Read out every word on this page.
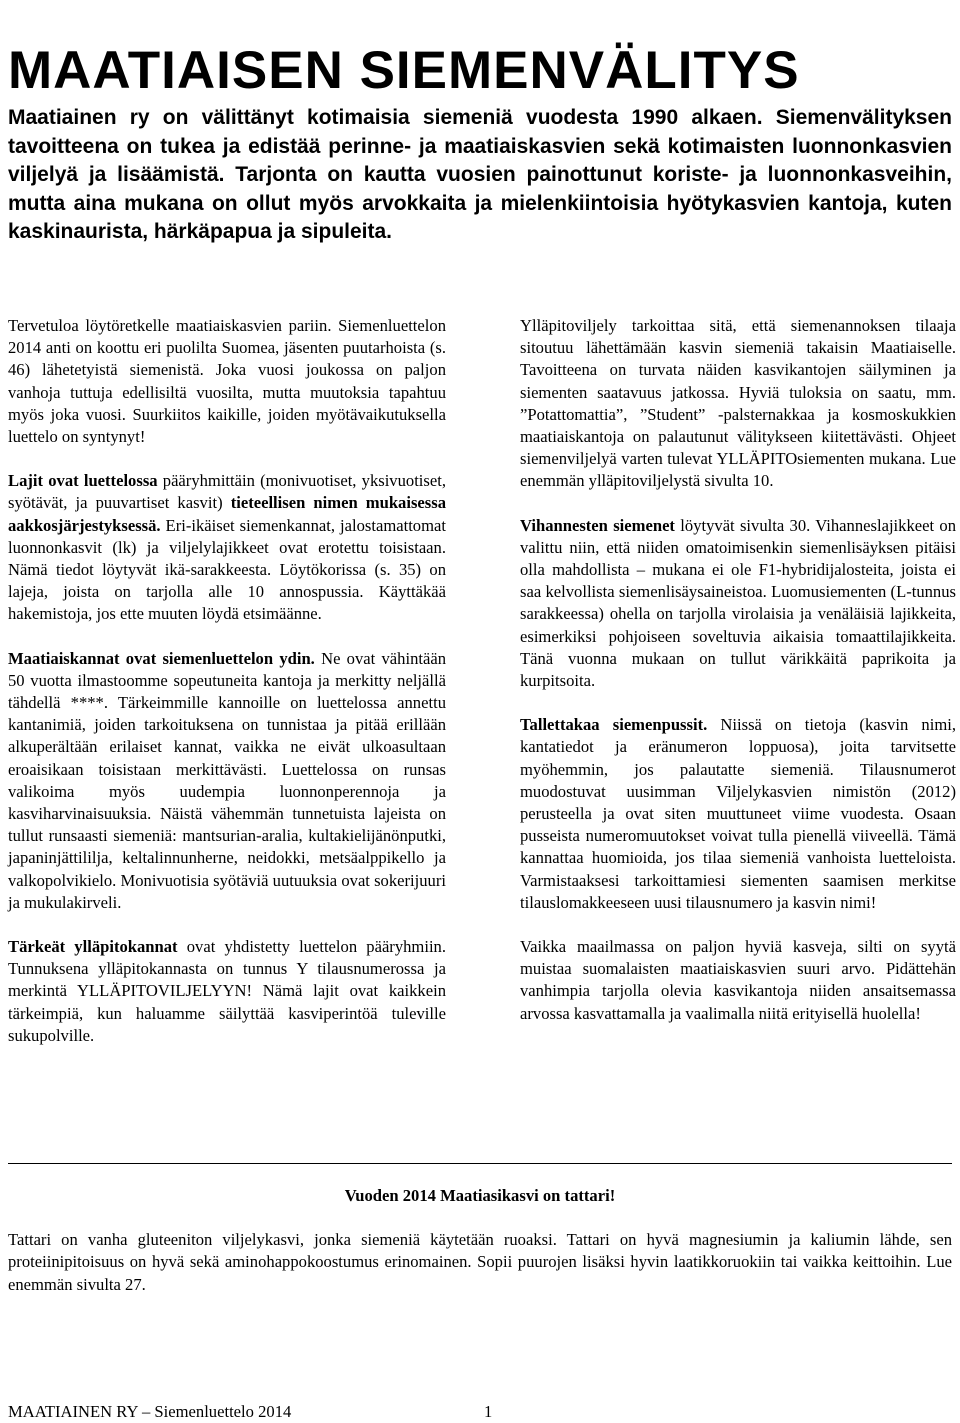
MAATIAISEN SIEMENVÄLITYS
Maatiainen ry on välittänyt kotimaisia siemeniä vuodesta 1990 alkaen. Siemenvälityksen tavoitteena on tukea ja edistää perinne- ja maatiaiskasvien sekä kotimaisten luonnonkasvien viljelyä ja lisäämistä. Tarjonta on kautta vuosien painottunut koriste- ja luonnonkasveihin, mutta aina mukana on ollut myös arvokkaita ja mielenkiintoisia hyötykasvien kantoja, kuten kaskinaurista, härkäpapua ja sipuleita.

Tervetuloa löytöretkelle maatiaiskasvien pariin. Siemenluettelon 2014 anti on koottu eri puolilta Suomea, jäsenten puutarhoista (s. 46) lähetetyistä siemenistä. Joka vuosi joukossa on paljon vanhoja tuttuja edellisiltä vuosilta, mutta muutoksia tapahtuu myös joka vuosi. Suurkiitos kaikille, joiden myötävaikutuksella luettelo on syntynyt!

Lajit ovat luettelossa pääryhmittäin (monivuotiset, yksivuotiset, syötävät, ja puuvartiset kasvit) tieteellisen nimen mukaisessa aakkosjärjestyksessä. Eri-ikäiset siemenkannat, jalostamattomat luonnonkasvit (lk) ja viljelylajikkeet ovat erotettu toisistaan. Nämä tiedot löytyvät ikä-sarakkeesta. Löytökorissa (s. 35) on lajeja, joista on tarjolla alle 10 annospussia. Käyttäkää hakemistoja, jos ette muuten löydä etsimäänne.

Maatiaiskannat ovat siemenluettelon ydin. Ne ovat vähintään 50 vuotta ilmastoomme sopeutuneita kantoja ja merkitty neljällä tähdellä ****. Tärkeimmille kannoille on luettelossa annettu kantanimiä, joiden tarkoituksena on tunnistaa ja pitää erillään alkuperältään erilaiset kannat, vaikka ne eivät ulkoasultaan eroaisikaan toisistaan merkittävästi. Luettelossa on runsas valikoima myös uudempia luonnonperennoja ja kasviharvinaisuuksia. Näistä vähemmän tunnetuista lajeista on tullut runsaasti siemeniä: mantsurian-aralia, kultakielijänönputki, japaninjättililja, keltalinnunherne, neidokki, metsäalppikello ja valkopolvikielo. Monivuotisia syötäviä uutuuksia ovat sokerijuuri ja mukulakirveli.

Tärkeät ylläpitokannat ovat yhdistetty luettelon pääryhmiin. Tunnuksena ylläpitokannasta on tunnus Y tilausnumerossa ja merkintä YLLÄPITOVILJELYYN! Nämä lajit ovat kaikkein tärkeimpiä, kun haluamme säilyttää kasviperintöä tuleville sukupolville.

Ylläpitoviljely tarkoittaa sitä, että siemenannoksen tilaaja sitoutuu lähettämään kasvin siemeniä takaisin Maatiaiselle. Tavoitteena on turvata näiden kasvikantojen säilyminen ja siementen saatavuus jatkossa. Hyviä tuloksia on saatu, mm. ”Potattomattia”, ”Student” -palsternakkaa ja kosmoskukkien maatiaiskantoja on palautunut välitykseen kiitettävästi. Ohjeet siemenviljelyä varten tulevat YLLÄPITOsiementen mukana. Lue enemmän ylläpitoviljelystä sivulta 10.

Vihannesten siemenet löytyvät sivulta 30. Vihanneslajikkeet on valittu niin, että niiden omatoimisenkin siemenlisäyksen pitäisi olla mahdollista – mukana ei ole F1-hybridijalosteita, joista ei saa kelvollista siemenlisäysaineistoa. Luomusiementen (L-tunnus sarakkeessa) ohella on tarjolla virolaisia ja venäläisiä lajikkeita, esimerkiksi pohjoiseen soveltuvia aikaisia tomaattilajikkeita. Tänä vuonna mukaan on tullut värikkäitä paprikoita ja kurpitsoita.

Tallettakaa siemenpussit. Niissä on tietoja (kasvin nimi, kantatiedot ja eränumeron loppuosa), joita tarvitsette myöhemmin, jos palautatte siemeniä. Tilausnumerot muodostuvat uusimman Viljelykasvien nimistön (2012) perusteella ja ovat siten muuttuneet viime vuodesta. Osaan pusseista numeromuutokset voivat tulla pienellä viiveellä. Tämä kannattaa huomioida, jos tilaa siemeniä vanhoista luetteloista. Varmistaaksesi tarkoittamiesi siementen saamisen merkitse tilauslomakkeeseen uusi tilausnumero ja kasvin nimi!

Vaikka maailmassa on paljon hyviä kasveja, silti on syytä muistaa suomalaisten maatiaiskasvien suuri arvo. Pidättehän vanhimpia tarjolla olevia kasvikantoja niiden ansaitsemassa arvossa kasvattamalla ja vaalimalla niitä erityisellä huolella!

Vuoden 2014 Maatiasikasvi on tattari!
Tattari on vanha gluteeniton viljelykasvi, jonka siemeniä käytetään ruoaksi. Tattari on hyvä magnesiumin ja kaliumin lähde, sen proteiinipitoisuus on hyvä sekä aminohappokoostumus erinomainen. Sopii puurojen lisäksi hyvin laatikkoruokiin tai vaikka keittoihin. Lue enemmän sivulta 27.
MAATIAINEN RY – Siemenluettelo 2014	1
